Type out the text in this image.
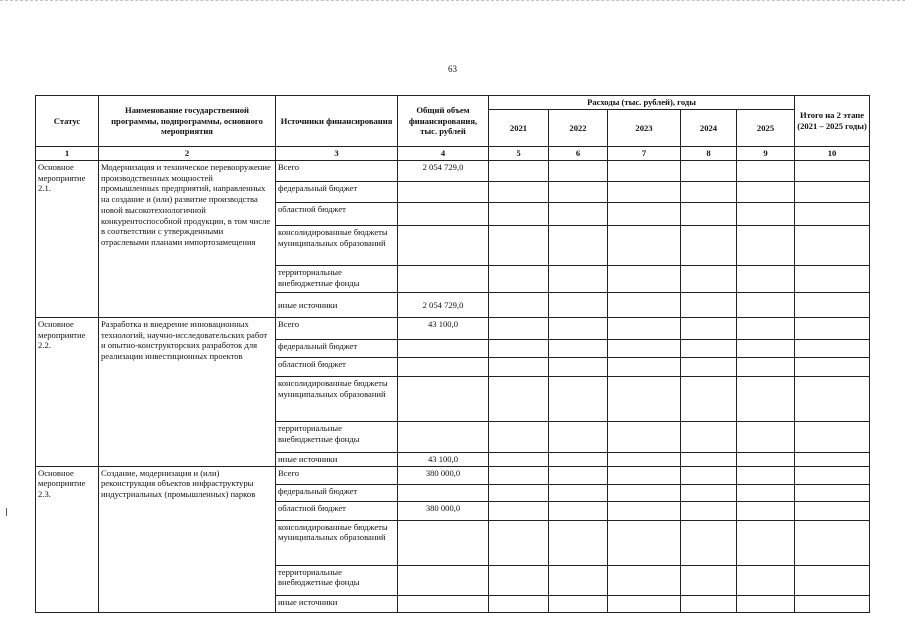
63
Статус	Наименование государственной программы, подпрограммы, основного мероприятия	Источники финансирования	Общий объем финансирования, тыс. рублей	Расходы (тыс. рублей), годы					Итого на 2 этапе (2021 – 2025 годы)
				2021	2022	2023	2024	2025	
1	2	3	4	5	6	7	8	9	10
Основное мероприятие 2.1.	Модернизация и техническое перевооружение производственных мощностей промышленных предприятий, направленных на создание и (или) развитие производства новой высокотехнологичной конкурентоспособной продукции, в том числе в соответствии с утвержденными отраслевыми планами импортозамещения	Всего	2 054 729,0						
		федеральный бюджет							
		областной бюджет							
		консолидированные бюджеты муниципальных образований							
		территориальные внебюджетные фонды							
		иные источники	2 054 729,0						
Основное мероприятие 2.2.	Разработка и внедрение инновационных технологий, научно-исследовательских работ и опытно-конструкторских разработок для реализации инвестиционных проектов	Всего	43 100,0						
		федеральный бюджет							
		областной бюджет							
		консолидированные бюджеты муниципальных образований							
		территориальные внебюджетные фонды							
		иные источники	43 100,0						
Основное мероприятие 2.3.	Создание, модернизация и (или) реконструкция объектов инфраструктуры индустриальных (промышленных) парков	Всего	380 000,0						
		федеральный бюджет							
		областной бюджет	380 000,0						
		консолидированные бюджеты муниципальных образований							
		территориальные внебюджетные фонды							
		иные источники							
